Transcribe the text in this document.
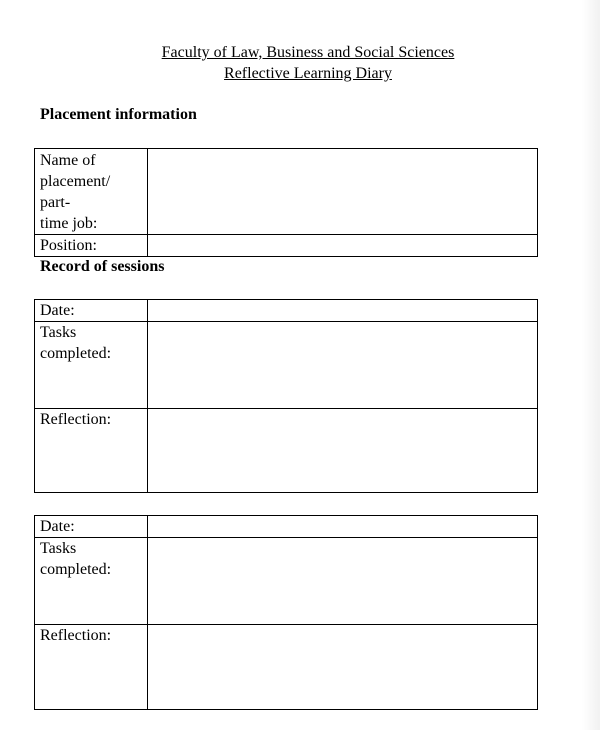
Faculty of Law, Business and Social Sciences
Reflective Learning Diary
Placement information
Name of
placement/ part-
time job:	
Position:	
Record of sessions
Date:	
Tasks completed:	
Reflection:	
Date:	
Tasks completed:	
Reflection:	
